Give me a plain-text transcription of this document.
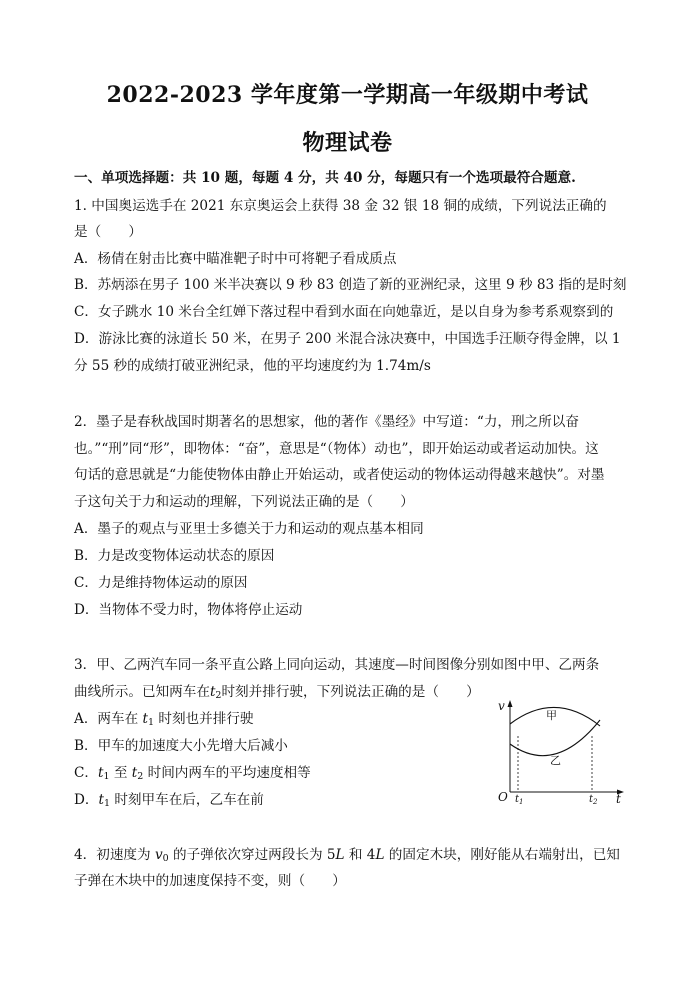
2022-2023 学年度第一学期高一年级期中考试
物理试卷
一、单项选择题：共 10 题，每题 4 分，共 40 分，每题只有一个选项最符合题意.
1. 中国奥运选手在 2021 东京奥运会上获得 38 金 32 银 18 铜的成绩，下列说法正确的
是（　　）
A．杨倩在射击比赛中瞄准靶子时中可将靶子看成质点
B．苏炳添在男子 100 米半决赛以 9 秒 83 创造了新的亚洲纪录，这里 9 秒 83 指的是时刻
C．女子跳水 10 米台全红婵下落过程中看到水面在向她靠近，是以自身为参考系观察到的
D．游泳比赛的泳道长 50 米，在男子 200 米混合泳决赛中，中国选手汪顺夺得金牌，以 1
分 55 秒的成绩打破亚洲纪录，他的平均速度约为 1.74m/s
2．墨子是春秋战国时期著名的思想家，他的著作《墨经》中写道：“力，刑之所以奋
也。”“刑”同“形”，即物体：“奋”，意思是“（物体）动也”，即开始运动或者运动加快。这
句话的意思就是“力能使物体由静止开始运动，或者使运动的物体运动得越来越快”。对墨
子这句关于力和运动的理解，下列说法正确的是（　　）
A．墨子的观点与亚里士多德关于力和运动的观点基本相同
B．力是改变物体运动状态的原因
C．力是维持物体运动的原因
D．当物体不受力时，物体将停止运动
3．甲、乙两汽车同一条平直公路上同向运动，其速度—时间图像分别如图中甲、乙两条
曲线所示。已知两车在$t_2$时刻并排行驶，下列说法正确的是（　　）
A．两车在 $t_1$ 时刻也并排行驶
B．甲车的加速度大小先增大后减小
C．$t_1$ 至 $t_2$ 时间内两车的平均速度相等
D．$t_1$ 时刻甲车在后，乙车在前
v
甲
乙
O $t_1$	$t_2$ t
4．初速度为 $v_0$ 的子弹依次穿过两段长为 5L 和 4L 的固定木块，刚好能从右端射出，已知
子弹在木块中的加速度保持不变，则（　　）
